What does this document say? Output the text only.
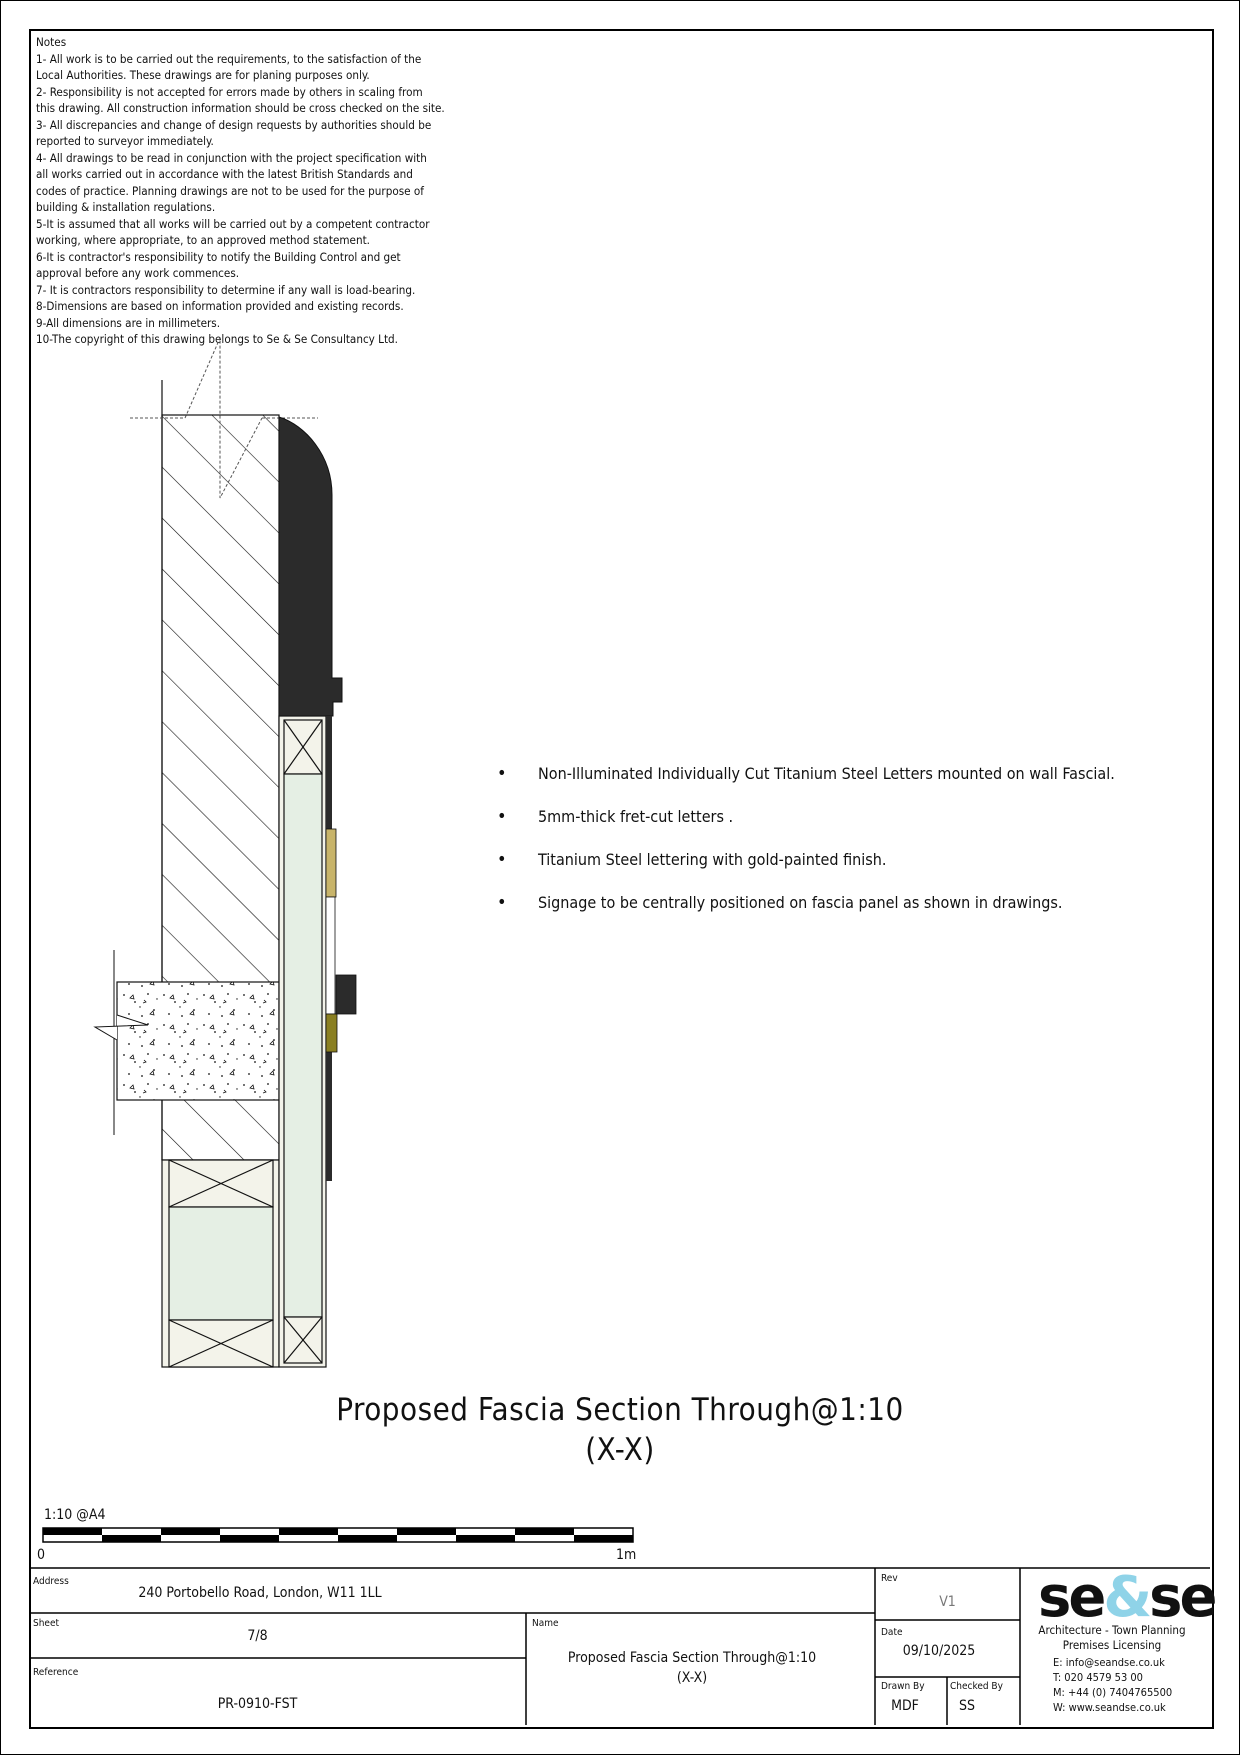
Notes
1- All work is to be carried out the requirements, to the satisfaction of the
Local Authorities. These drawings are for planing purposes only.
2- Responsibility is not accepted for errors made by others in scaling from
this drawing. All construction information should be cross checked on the site.
3- All discrepancies and change of design requests by authorities should be
reported to surveyor immediately.
4- All drawings to be read in conjunction with the project specification with
all works carried out in accordance with the latest British Standards and
codes of practice. Planning drawings are not to be used for the purpose of
building & installation regulations.
5-It is assumed that all works will be carried out by a competent contractor
working, where appropriate, to an approved method statement.
6-It is contractor's responsibility to notify the Building Control and get
approval before any work commences.
7- It is contractors responsibility to determine if any wall is load-bearing.
8-Dimensions are based on information provided and existing records.
9-All dimensions are in millimeters.
10-The copyright of this drawing belongs to Se & Se Consultancy Ltd.
• Non-Illuminated Individually Cut Titanium Steel Letters mounted on wall Fascial.
• 5mm-thick fret-cut letters .
• Titanium Steel lettering with gold-painted finish.
• Signage to be centrally positioned on fascia panel as shown in drawings.
Proposed Fascia Section Through@1:10
(X-X)
1:10 @A4
0	1m
Address
240 Portobello Road, London, W11 1LL
Sheet
7/8
Reference
PR-0910-FST
Name
Proposed Fascia Section Through@1:10
(X-X)
Rev
V1
Date
09/10/2025
Drawn By
MDF
Checked By
SS
se&se
Architecture - Town Planning
Premises Licensing
E: info@seandse.co.uk
T: 020 4579 53 00
M: +44 (0) 7404765500
W: www.seandse.co.uk
